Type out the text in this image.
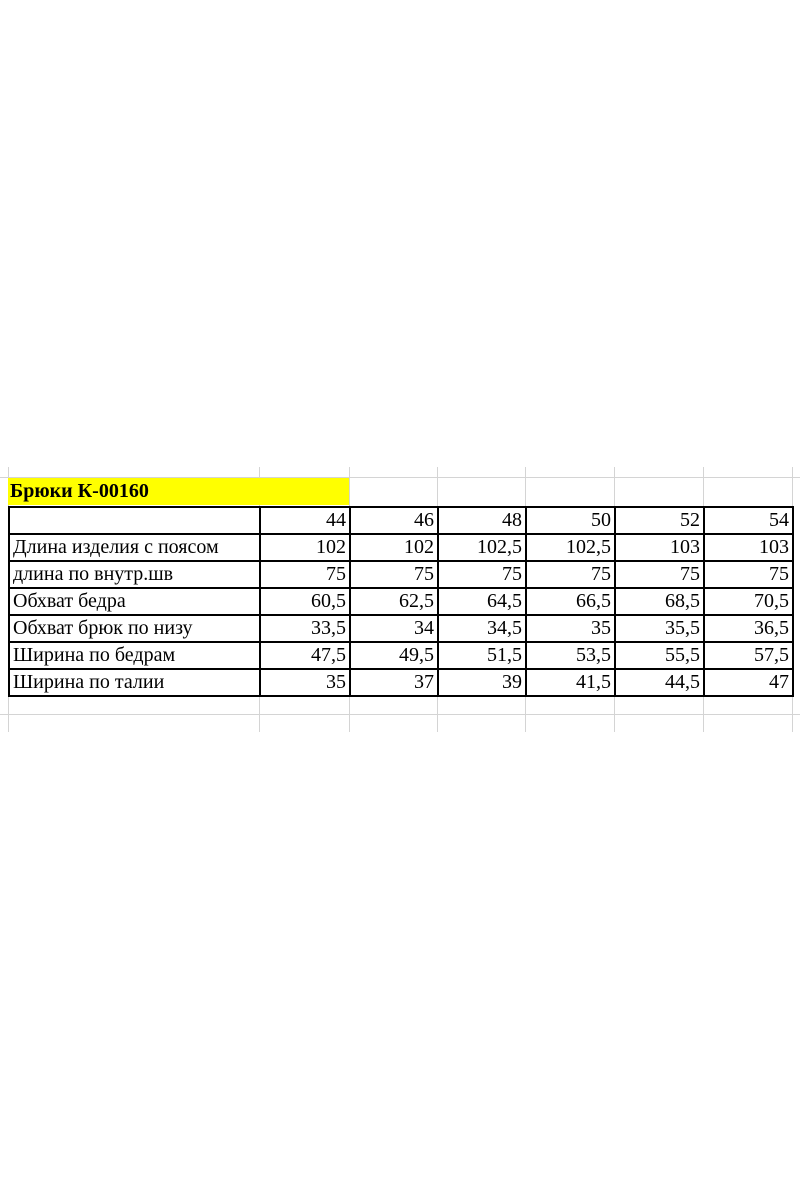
Брюки К-00160
	44	46	48	50	52	54
Длина изделия с поясом	102	102	102,5	102,5	103	103
длина по внутр.шв	75	75	75	75	75	75
Обхват бедра	60,5	62,5	64,5	66,5	68,5	70,5
Обхват брюк по низу	33,5	34	34,5	35	35,5	36,5
Ширина по бедрам	47,5	49,5	51,5	53,5	55,5	57,5
Ширина по талии	35	37	39	41,5	44,5	47
